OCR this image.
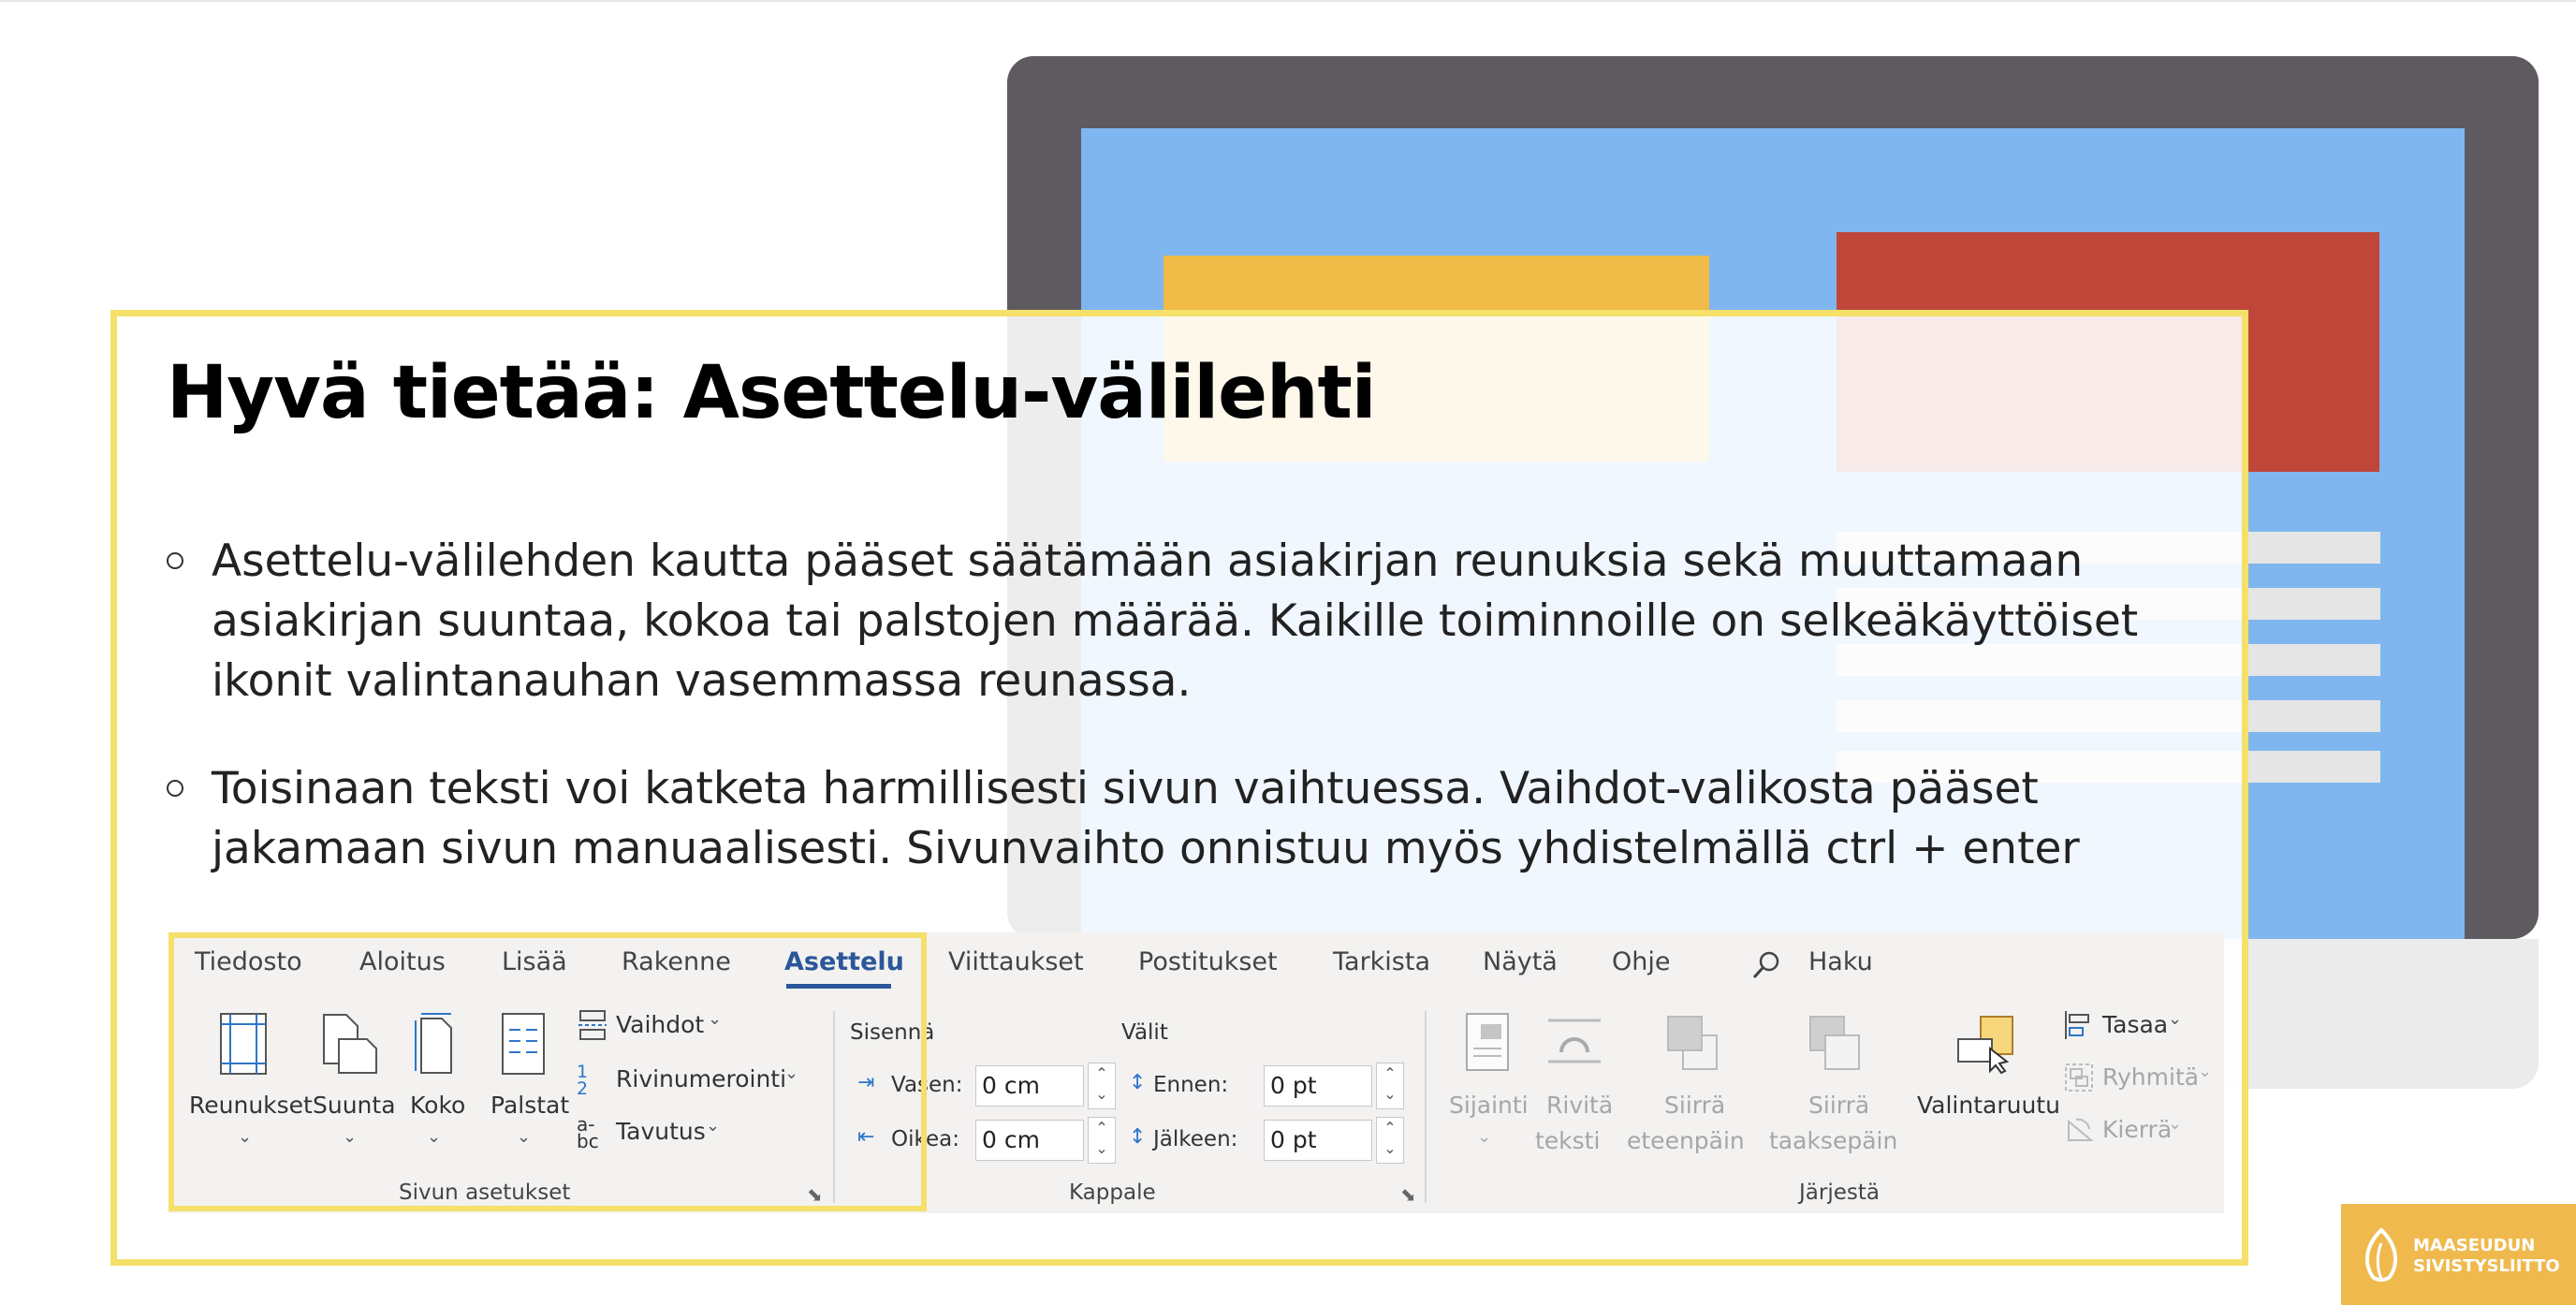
Hyvä tietää: Asettelu-välilehti
Asettelu-välilehden kautta pääset säätämään asiakirjan reunuksia sekä muuttamaan asiakirjan suuntaa, kokoa tai palstojen määrää. Kaikille toiminnoille on selkeäkäyttöiset ikonit valintanauhan vasemmassa reunassa.
Toisinaan teksti voi katketa harmillisesti sivun vaihtuessa. Vaihdot-valikosta pääset jakamaan sivun manuaalisesti. Sivunvaihto onnistuu myös yhdistelmällä ctrl + enter
Tiedosto Aloitus Lisää Rakenne Asettelu Viittaukset Postitukset Tarkista Näytä Ohje	Haku
Reunukset
⌄
Suunta
⌄
Koko
⌄
Palstat
⌄
Vaihdot ⌄
1
2 Rivinumerointi
⌄
a-
bc Tavutus ⌄
Sivun asetukset	⬊
Sisennä	Välit
⇥ Vasen: 0 cm	⌃
⌄
⇤ Oikea: 0 cm	⌃
⌄
↕ Ennen: 0 pt	⌃
⌄
↕ Jälkeen: 0 pt	⌃
⌄
Kappale	⬊
Sijainti
⌄
Rivitä
teksti
Siirrä
eteenpäin
Siirrä
taaksepäin
Valintaruutu
Tasaa ⌄
Ryhmitä
⌄
Kierrä
⌄
Järjestä
MAASEUDUN
SIVISTYSLIITTO
